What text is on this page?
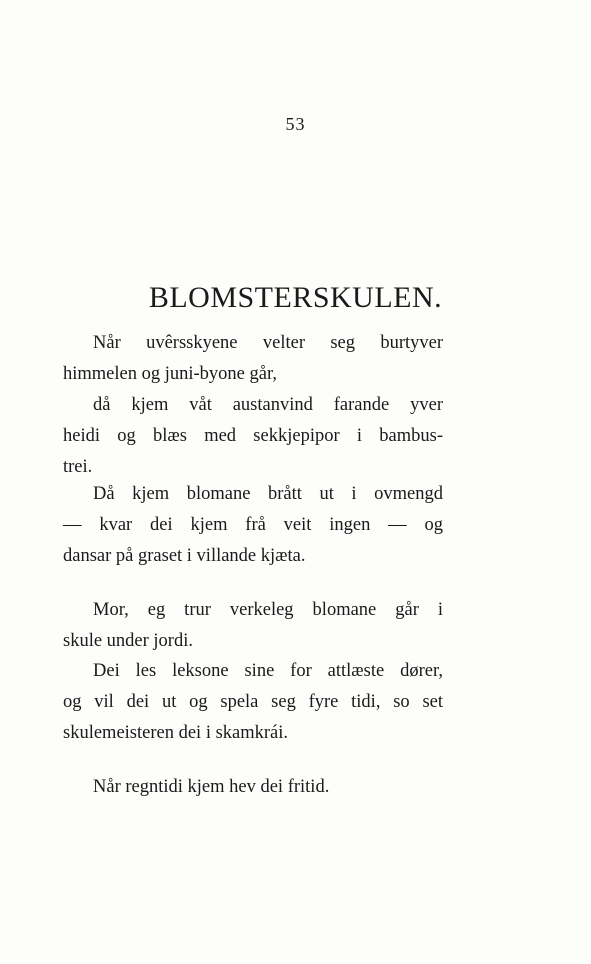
53
BLOMSTERSKULEN.

Når uvêrsskyene velter seg burtyver
himmelen og juni-byone går,
då kjem våt austanvind farande yver
heidi og blæs med sekkjepipor i bambus-
trei.

Då kjem blomane brått ut i ovmengd
— kvar dei kjem frå veit ingen — og
dansar på graset i villande kjæta.

Mor, eg trur verkeleg blomane går i
skule under jordi.

Dei les leksone sine for attlæste dører,
og vil dei ut og spela seg fyre tidi, so set
skulemeisteren dei i skamkrái.

Når regntidi kjem hev dei fritid.
